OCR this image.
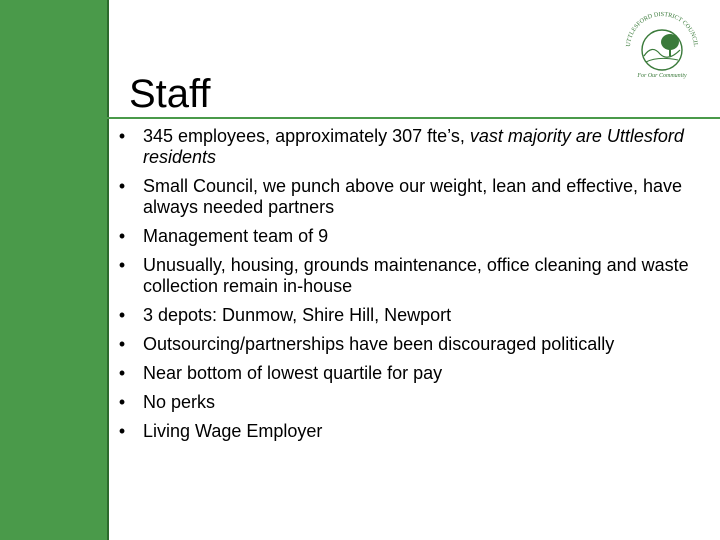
Staff
UTTLESFORD DISTRICT COUNCIL
For Our Community
• 345 employees, approximately 307 fte’s, vast majority are Uttlesford residents
• Small Council, we punch above our weight, lean and effective, have always needed partners
• Management team of 9
• Unusually, housing, grounds maintenance, office cleaning and waste collection remain in-house
• 3 depots: Dunmow, Shire Hill, Newport
• Outsourcing/partnerships have been discouraged politically
• Near bottom of lowest quartile for pay
• No perks
• Living Wage Employer
